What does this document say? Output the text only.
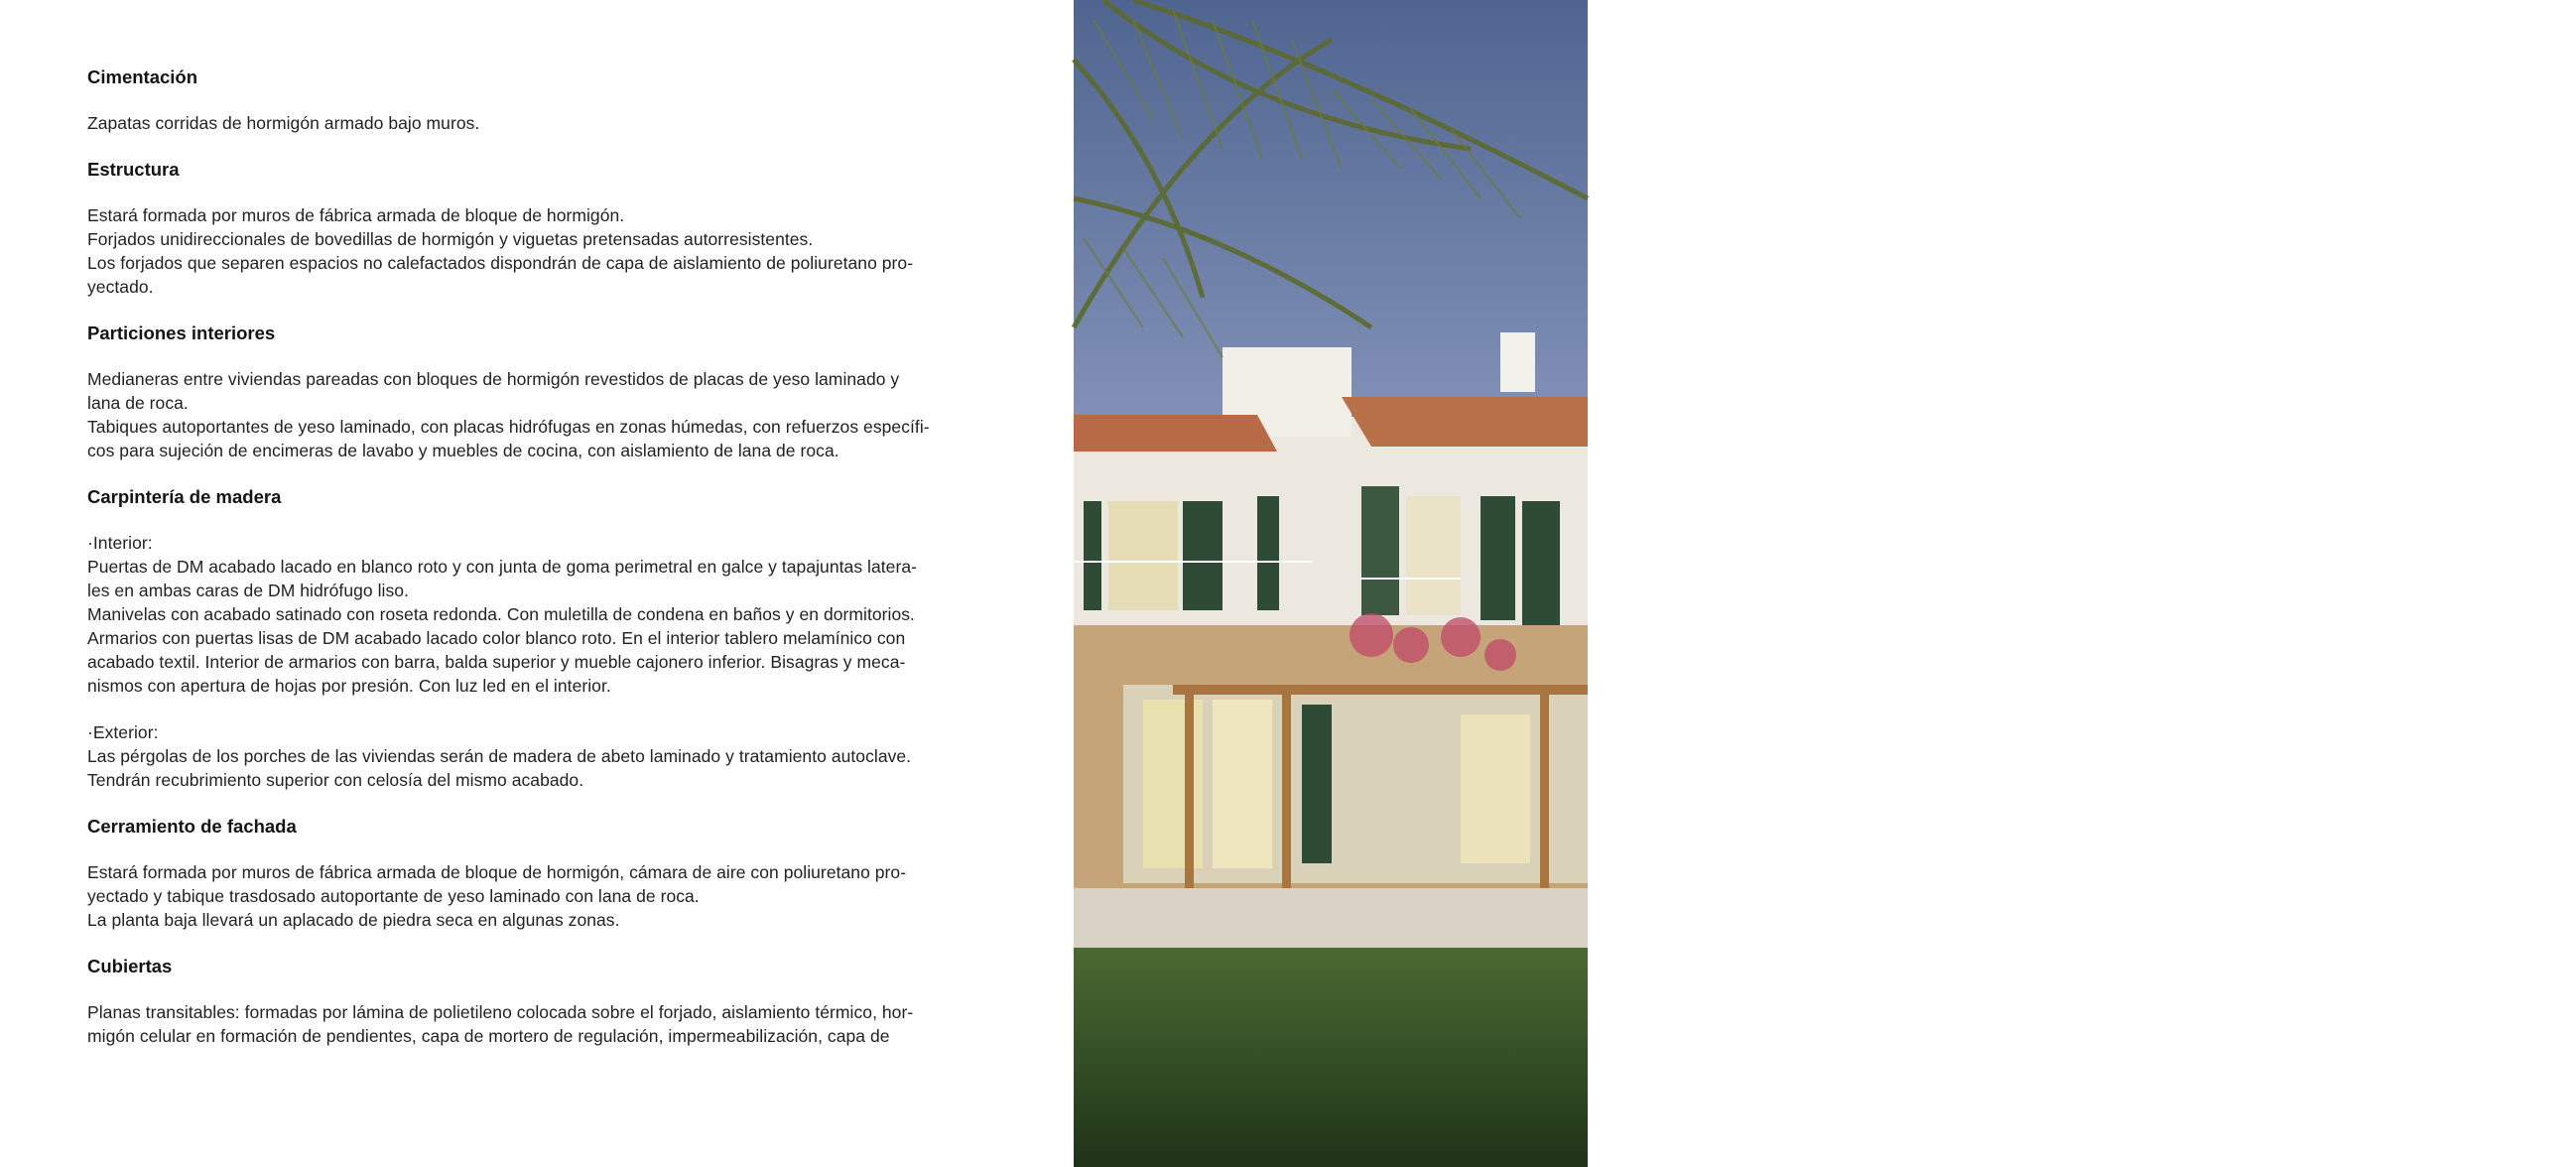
Cimentación
Zapatas corridas de hormigón armado bajo muros.
Estructura
Estará formada por muros de fábrica armada de bloque de hormigón.
Forjados unidireccionales de bovedillas de hormigón y viguetas pretensadas autorresistentes.
Los forjados que separen espacios no calefactados dispondrán de capa de aislamiento de poliuretano pro-
yectado.
Particiones interiores
Medianeras entre viviendas pareadas con bloques de hormigón revestidos de placas de yeso laminado y
lana de roca.
Tabiques autoportantes de yeso laminado, con placas hidrófugas en zonas húmedas, con refuerzos específi-
cos para sujeción de encimeras de lavabo y muebles de cocina, con aislamiento de lana de roca.
Carpintería de madera
·Interior:
Puertas de DM acabado lacado en blanco roto y con junta de goma perimetral en galce y tapajuntas latera-
les en ambas caras de DM hidrófugo liso.
Manivelas con acabado satinado con roseta redonda. Con muletilla de condena en baños y en dormitorios.
Armarios con puertas lisas de DM acabado lacado color blanco roto. En el interior tablero melamínico con
acabado textil. Interior de armarios con barra, balda superior y mueble cajonero inferior. Bisagras y meca-
nismos con apertura de hojas por presión. Con luz led en el interior.
·Exterior:
Las pérgolas de los porches de las viviendas serán de madera de abeto laminado y tratamiento autoclave.
Tendrán recubrimiento superior con celosía del mismo acabado.
Cerramiento de fachada
Estará formada por muros de fábrica armada de bloque de hormigón, cámara de aire con poliuretano pro-
yectado y tabique trasdosado autoportante de yeso laminado con lana de roca.
La planta baja llevará un aplacado de piedra seca en algunas zonas.
Cubiertas
Planas transitables: formadas por lámina de polietileno colocada sobre el forjado, aislamiento térmico, hor-
migón celular en formación de pendientes, capa de mortero de regulación, impermeabilización, capa de
Cumbres del Tosalet
